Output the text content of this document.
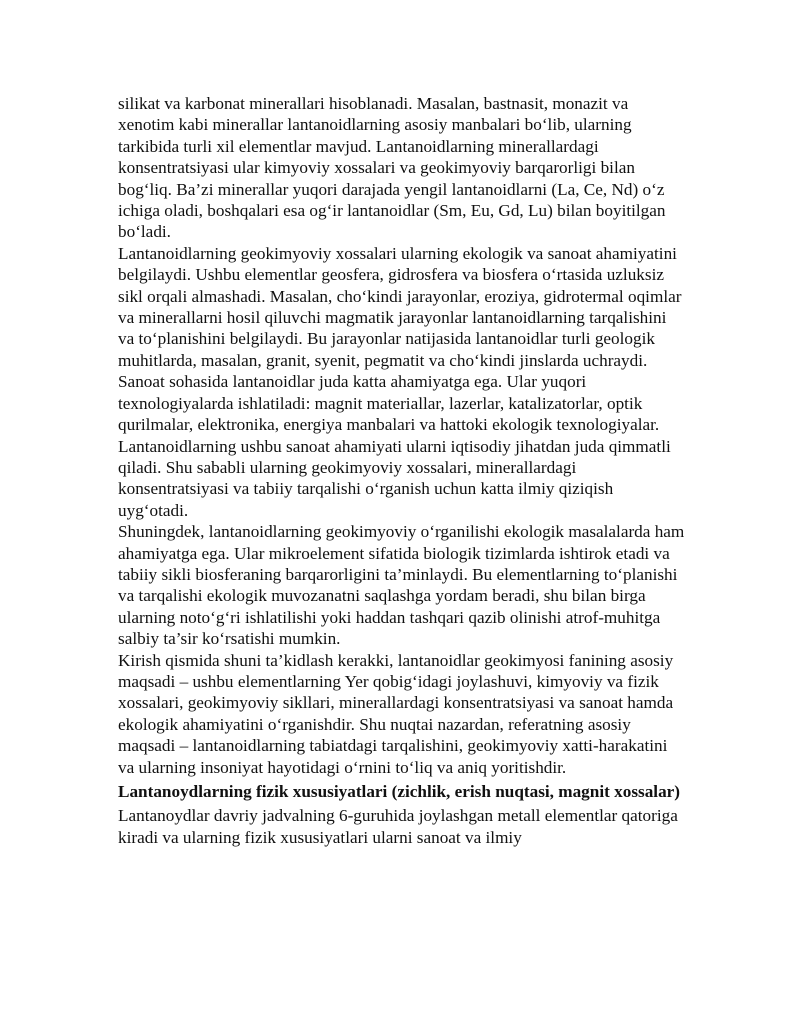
silikat va karbonat minerallari hisoblanadi. Masalan, bastnasit, monazit va xenotim kabi minerallar lantanoidlarning asosiy manbalari bo‘lib, ularning tarkibida turli xil elementlar mavjud. Lantanoidlarning minerallardagi konsentratsiyasi ular kimyoviy xossalari va geokimyoviy barqarorligi bilan bog‘liq. Ba’zi minerallar yuqori darajada yengil lantanoidlarni (La, Ce, Nd) o‘z ichiga oladi, boshqalari esa og‘ir lantanoidlar (Sm, Eu, Gd, Lu) bilan boyitilgan bo‘ladi.

Lantanoidlarning geokimyoviy xossalari ularning ekologik va sanoat ahamiyatini belgilaydi. Ushbu elementlar geosfera, gidrosfera va biosfera o‘rtasida uzluksiz sikl orqali almashadi. Masalan, cho‘kindi jarayonlar, eroziya, gidrotermal oqimlar va minerallarni hosil qiluvchi magmatik jarayonlar lantanoidlarning tarqalishini va to‘planishini belgilaydi. Bu jarayonlar natijasida lantanoidlar turli geologik muhitlarda, masalan, granit, syenit, pegmatit va cho‘kindi jinslarda uchraydi.

Sanoat sohasida lantanoidlar juda katta ahamiyatga ega. Ular yuqori texnologiyalarda ishlatiladi: magnit materiallar, lazerlar, katalizatorlar, optik qurilmalar, elektronika, energiya manbalari va hattoki ekologik texnologiyalar. Lantanoidlarning ushbu sanoat ahamiyati ularni iqtisodiy jihatdan juda qimmatli qiladi. Shu sababli ularning geokimyoviy xossalari, minerallardagi konsentratsiyasi va tabiiy tarqalishi o‘rganish uchun katta ilmiy qiziqish uyg‘otadi.

Shuningdek, lantanoidlarning geokimyoviy o‘rganilishi ekologik masalalarda ham ahamiyatga ega. Ular mikroelement sifatida biologik tizimlarda ishtirok etadi va tabiiy sikli biosferaning barqarorligini ta’minlaydi. Bu elementlarning to‘planishi va tarqalishi ekologik muvozanatni saqlashga yordam beradi, shu bilan birga ularning noto‘g‘ri ishlatilishi yoki haddan tashqari qazib olinishi atrof-muhitga salbiy ta’sir ko‘rsatishi mumkin.

Kirish qismida shuni ta’kidlash kerakki, lantanoidlar geokimyosi fanining asosiy maqsadi – ushbu elementlarning Yer qobig‘idagi joylashuvi, kimyoviy va fizik xossalari, geokimyoviy sikllari, minerallardagi konsentratsiyasi va sanoat hamda ekologik ahamiyatini o‘rganishdir. Shu nuqtai nazardan, referatning asosiy maqsadi – lantanoidlarning tabiatdagi tarqalishini, geokimyoviy xatti-harakatini va ularning insoniyat hayotidagi o‘rnini to‘liq va aniq yoritishdir.

Lantanoydlarning fizik xususiyatlari (zichlik, erish nuqtasi, magnit xossalar)

Lantanoydlar davriy jadvalning 6-guruhida joylashgan metall elementlar qatoriga kiradi va ularning fizik xususiyatlari ularni sanoat va ilmiy
